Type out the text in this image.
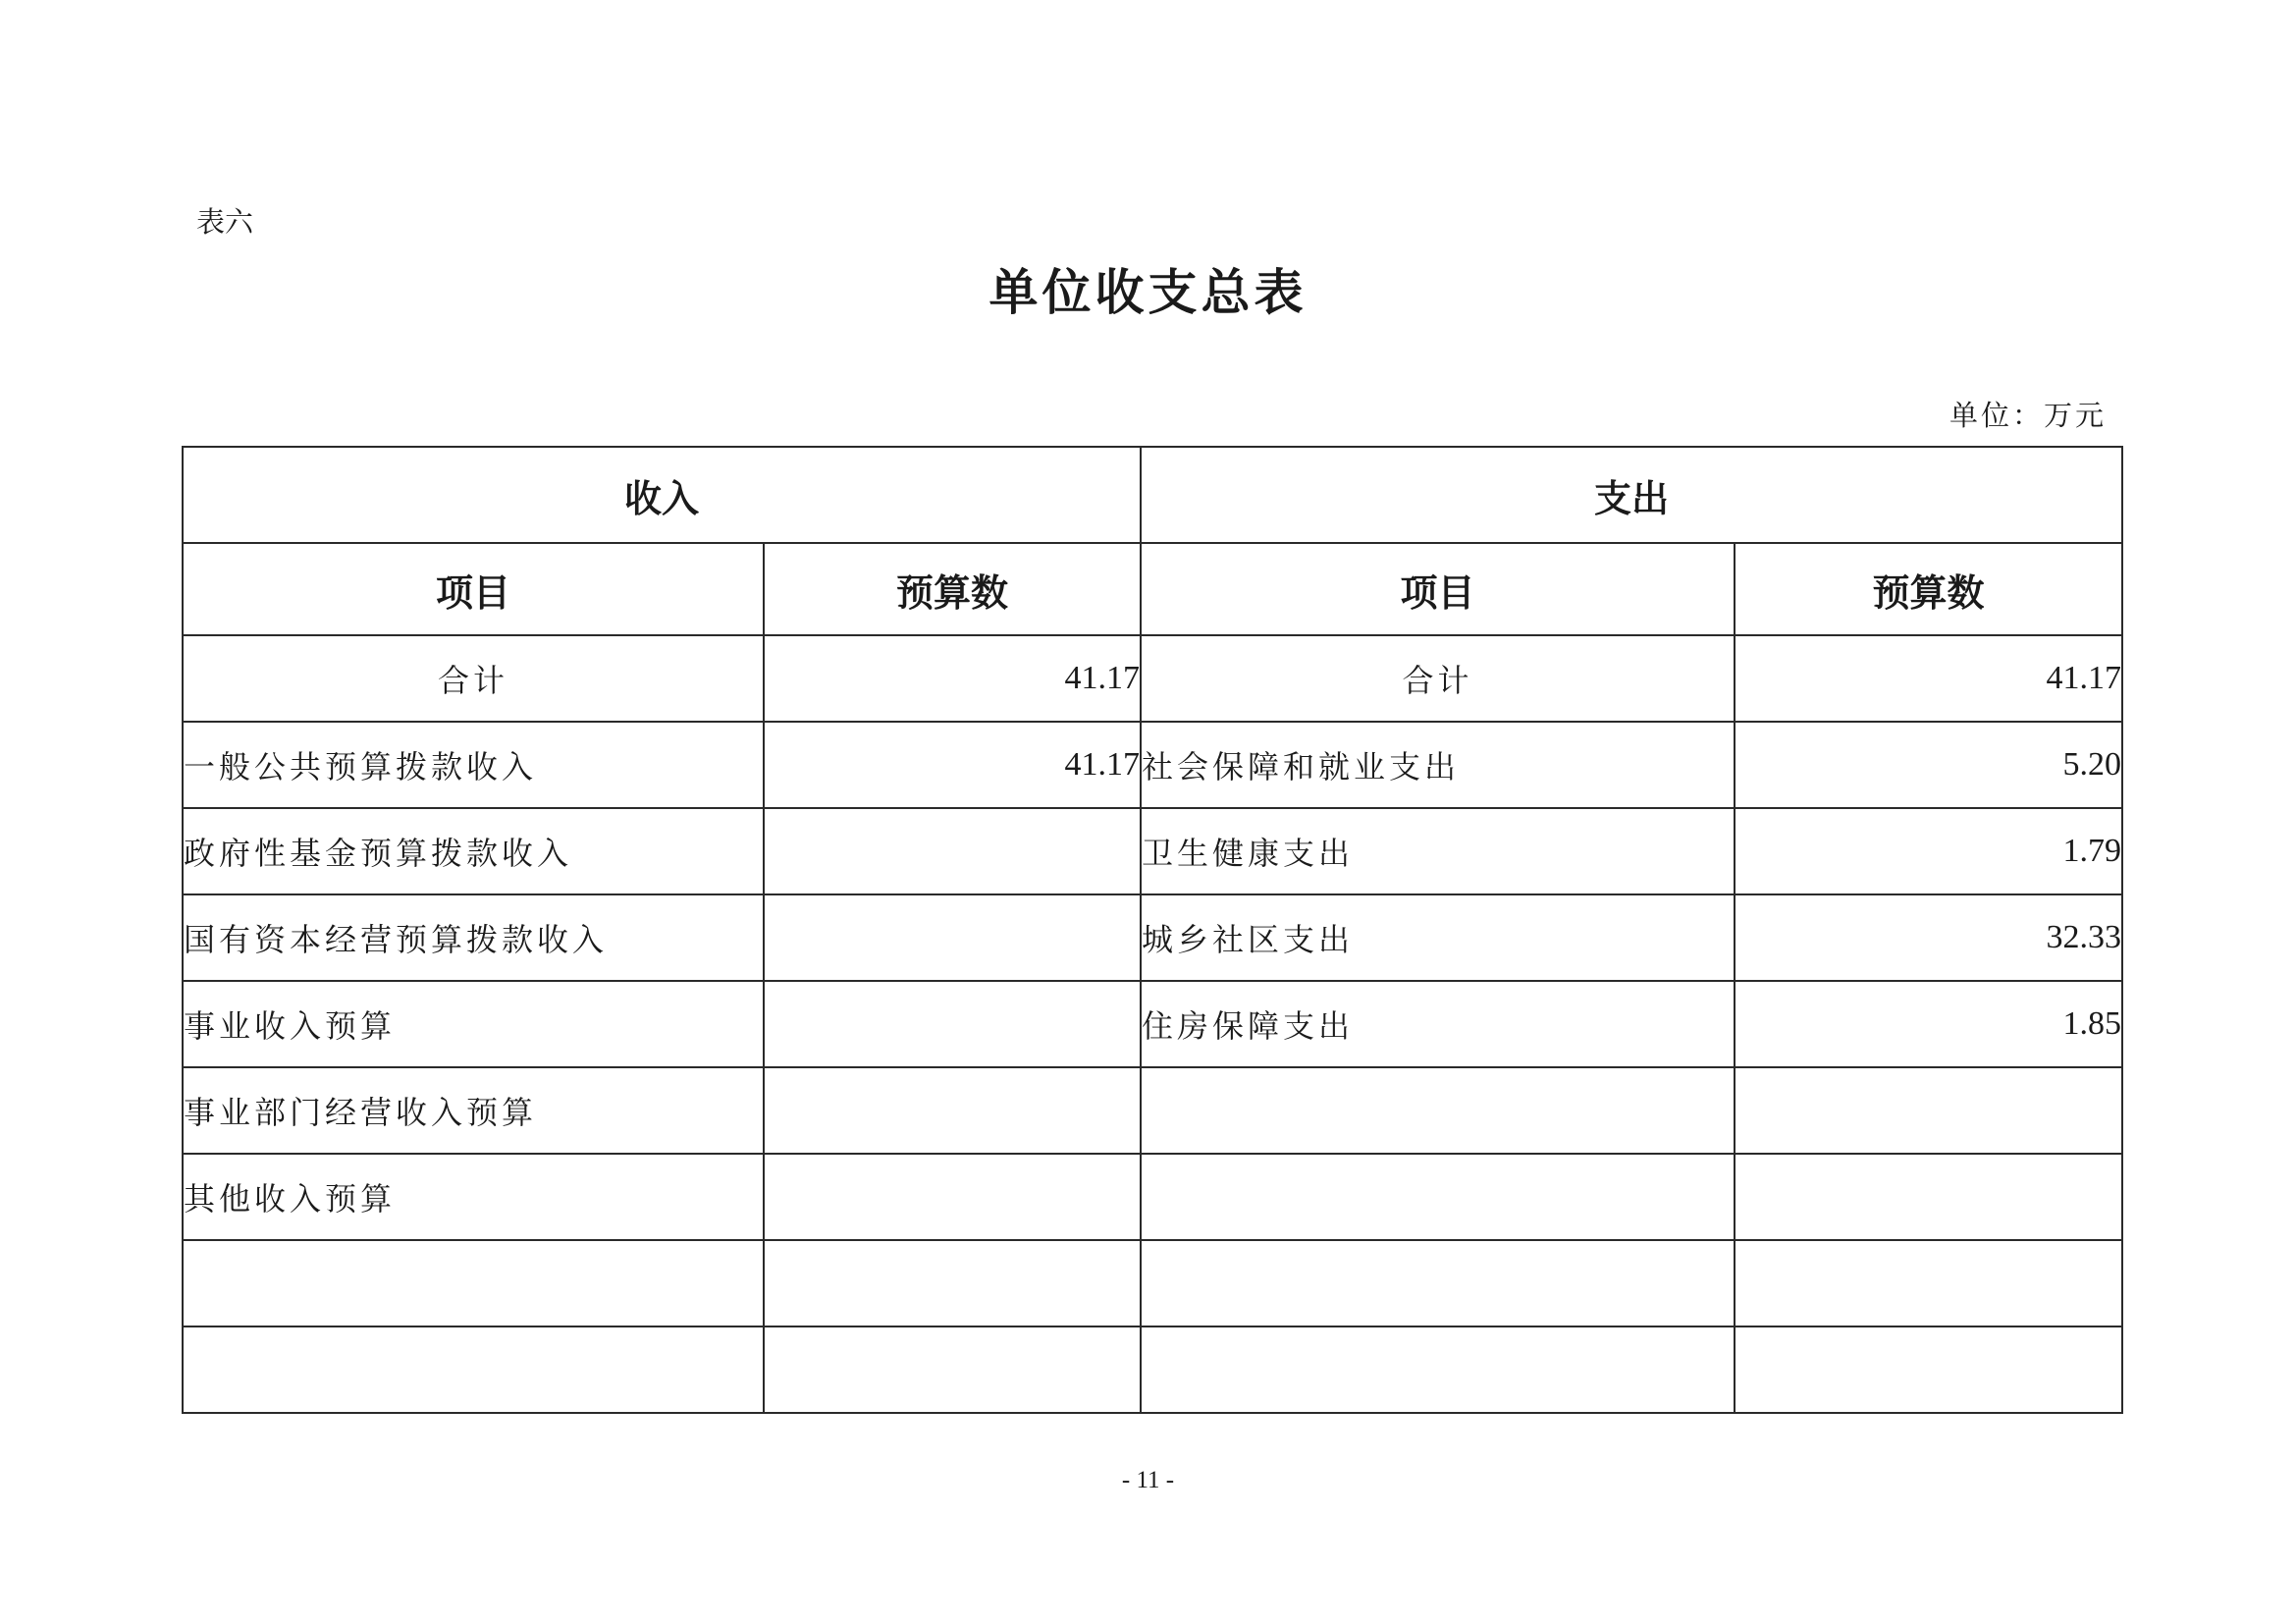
表六
单位收支总表
单位：万元
收入		支出	
项目	预算数	项目	预算数
合计	41.17	合计	41.17
一般公共预算拨款收入	41.17	社会保障和就业支出	5.20
政府性基金预算拨款收入		卫生健康支出	1.79
国有资本经营预算拨款收入		城乡社区支出	32.33
事业收入预算		住房保障支出	1.85
事业部门经营收入预算			
其他收入预算			

- 11 -
